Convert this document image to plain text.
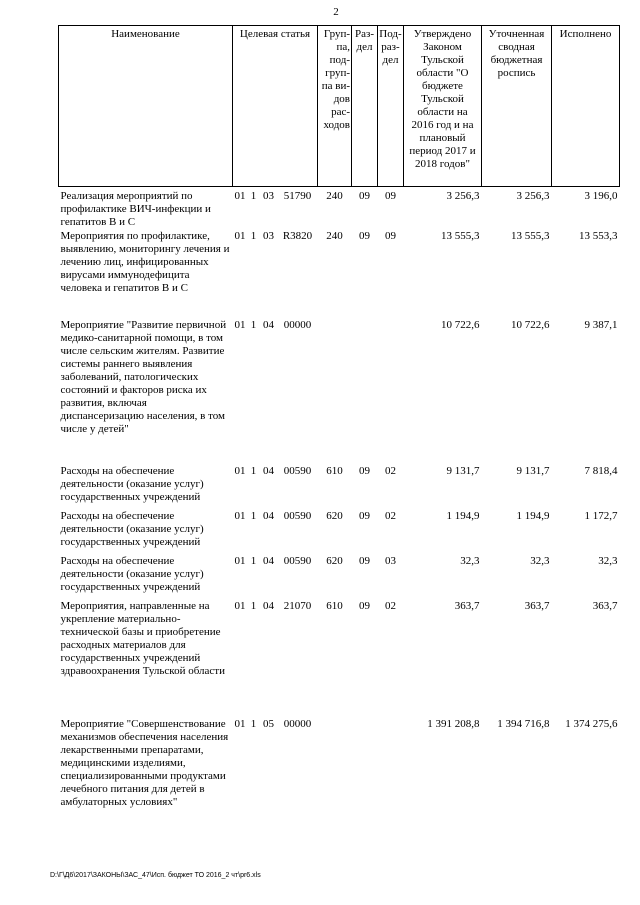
2
Наименование	Целевая статья				Груп-па, под-груп-па ви-дов рас-ходов	Раз-дел	Под-раз-дел	Утверждено Законом Тульской области "О бюджете Тульской области на 2016 год и на плановый период 2017 и 2018 годов"	Уточненная сводная бюджетная роспись	Исполнено
Реализация мероприятий по профилактике ВИЧ-инфекции и гепатитов В и С	01	1	03	51790	240	09	09	3 256,3	3 256,3	3 196,0
Мероприятия по профилактике, выявлению, мониторингу лечения и лечению лиц, инфицированных вирусами иммунодефицита человека и гепатитов В и С	01	1	03	R3820	240	09	09	13 555,3	13 555,3	13 553,3
Мероприятие "Развитие первичной медико-санитарной помощи, в том числе сельским жителям. Развитие системы раннего выявления заболеваний, патологических состояний и факторов риска их развития, включая диспансеризацию населения, в том числе у детей"	01	1	04	00000				10 722,6	10 722,6	9 387,1
Расходы на обеспечение деятельности (оказание услуг) государственных учреждений	01	1	04	00590	610	09	02	9 131,7	9 131,7	7 818,4
Расходы на обеспечение деятельности (оказание услуг) государственных учреждений	01	1	04	00590	620	09	02	1 194,9	1 194,9	1 172,7
Расходы на обеспечение деятельности (оказание услуг) государственных учреждений	01	1	04	00590	620	09	03	32,3	32,3	32,3
Мероприятия, направленные на укрепление материально-технической базы и приобретение расходных материалов для государственных учреждений здравоохранения Тульской области	01	1	04	21070	610	09	02	363,7	363,7	363,7
Мероприятие "Совершенствование механизмов обеспечения населения лекарственными препаратами, медицинскими изделиями, специализированными продуктами лечебного питания для детей в амбулаторных условиях"	01	1	05	00000				1 391 208,8	1 394 716,8	1 374 275,6
D:\Г\Д6\2017\ЗАКОНЫ\ЗАС_47\Исп. бюджет ТО 2016_2 чт\pr6.xls
